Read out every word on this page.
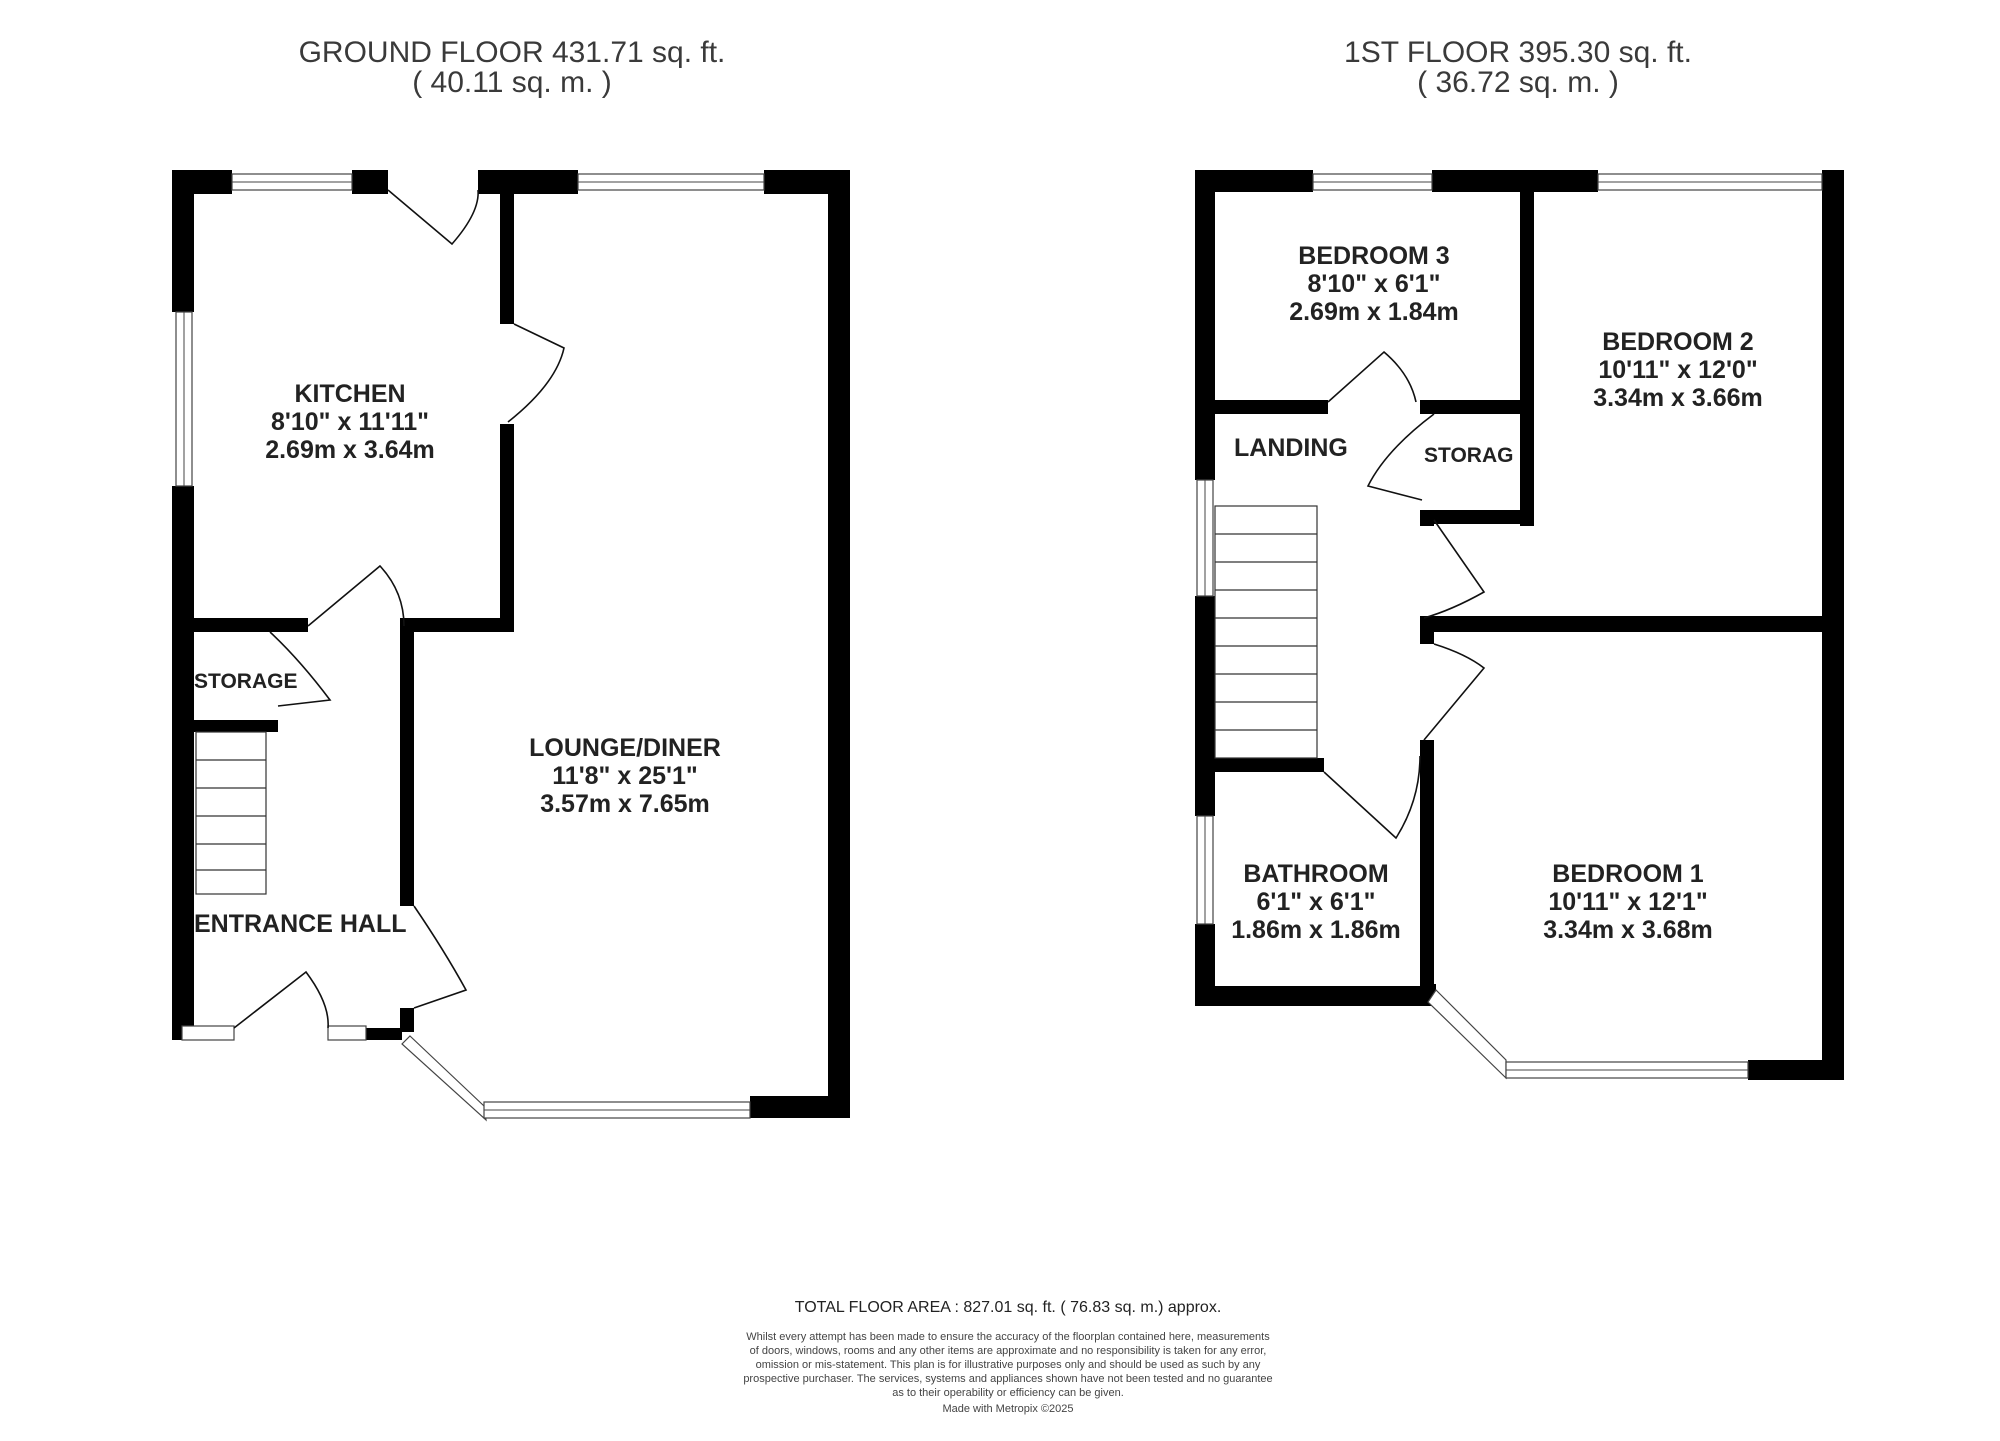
GROUND FLOOR 431.71 sq. ft.
( 40.11 sq. m. )
1ST FLOOR 395.30 sq. ft.
( 36.72 sq. m. )
KITCHEN
8'10" x 11'11"
2.69m x 3.64m
LOUNGE/DINER
11'8" x 25'1"
3.57m x 7.65m
STORAGE
ENTRANCE HALL
BEDROOM 3
8'10" x 6'1"
2.69m x 1.84m
BEDROOM 2
10'11" x 12'0"
3.34m x 3.66m
LANDING	STORAG
BATHROOM
6'1" x 6'1"
1.86m x 1.86m
BEDROOM 1
10'11" x 12'1"
3.34m x 3.68m
TOTAL FLOOR AREA : 827.01 sq. ft. ( 76.83 sq. m.) approx.
Whilst every attempt has been made to ensure the accuracy of the floorplan contained here, measurements
of doors, windows, rooms and any other items are approximate and no responsibility is taken for any error,
omission or mis-statement. This plan is for illustrative purposes only and should be used as such by any
prospective purchaser. The services, systems and appliances shown have not been tested and no guarantee
as to their operability or efficiency can be given.
Made with Metropix ©2025
